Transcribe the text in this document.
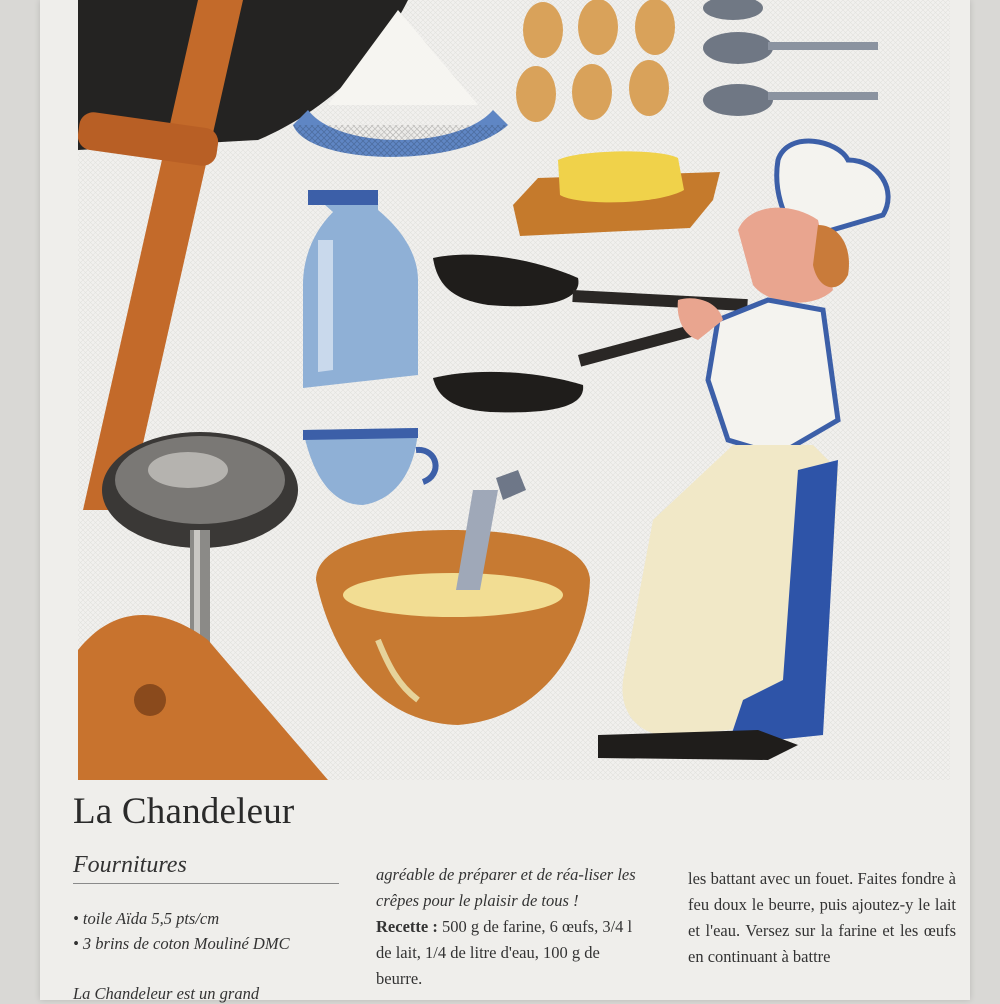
La Chandeleur
Fournitures
• toile Aïda 5,5 pts/cm
• 3 brins de coton Mouliné DMC
La Chandeleur est un grand
agréable de préparer et de réa-liser les crêpes pour le plaisir de tous !
Recette : 500 g de farine, 6 œufs, 3/4 l de lait, 1/4 de litre d'eau, 100 g de beurre.
les battant avec un fouet. Faites fondre à feu doux le beurre, puis ajoutez-y le lait et l'eau. Versez sur la farine et les œufs en continuant à battre
